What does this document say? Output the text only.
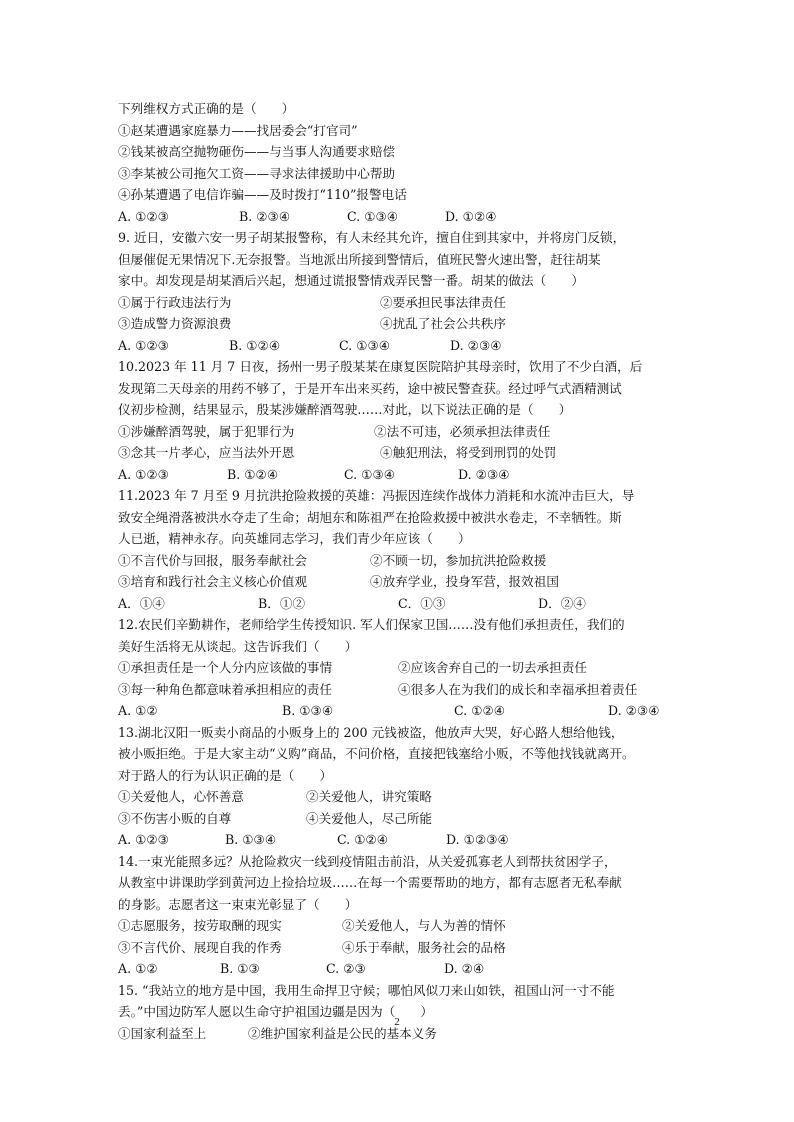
下列维权方式正确的是（　　）
①赵某遭遇家庭暴力——找居委会“打官司”
②钱某被高空抛物砸伤——与当事人沟通要求赔偿
③李某被公司拖欠工资——寻求法律援助中心帮助
④孙某遭遇了电信诈骗——及时拨打“110”报警电话
A. ①②③	B. ②③④	C. ①③④	D. ①②④
9. 近日，安徽六安一男子胡某报警称，有人未经其允许，擅自住到其家中，并将房门反锁，
但屡催促无果情况下.无奈报警。当地派出所接到警情后，值班民警火速出警，赶往胡某
家中。却发现是胡某酒后兴起，想通过谎报警情戏弄民警一番。胡某的做法（　　）
①属于行政违法行为	②要承担民事法律责任
③造成警力资源浪费	④扰乱了社会公共秩序
A. ①②③	B. ①②④	C. ①③④	D. ②③④
10.2023 年 11 月 7 日夜，扬州一男子殷某某在康复医院陪护其母亲时，饮用了不少白酒，后
发现第二天母亲的用药不够了，于是开车出来买药，途中被民警查获。经过呼气式酒精测试
仪初步检测，结果显示，殷某涉嫌醉酒驾驶……对此，以下说法正确的是（　　）
①涉嫌醉酒驾驶，属于犯罪行为	②法不可违，必须承担法律责任
③念其一片孝心，应当法外开恩	④触犯刑法，将受到刑罚的处罚
A. ①②③	B. ①②④	C. ①③④	D. ②③④
11.2023 年 7 月至 9 月抗洪抢险救援的英雄：冯振因连续作战体力消耗和水流冲击巨大，导
致安全绳滑落被洪水夺走了生命；胡旭东和陈祖严在抢险救援中被洪水卷走，不幸牺牲。斯
人已逝，精神永存。向英雄同志学习，我们青少年应该（　　）
①不言代价与回报，服务奉献社会	②不顾一切，参加抗洪抢险救援
③培育和践行社会主义核心价值观	④放弃学业，投身军营，报效祖国
A．①④	B．①②	C．①③	D．②④
12.农民们辛勤耕作，老师给学生传授知识. 军人们保家卫国……没有他们承担责任，我们的
美好生活将无从谈起。这告诉我们（　　）
①承担责任是一个人分内应该做的事情	②应该舍弃自己的一切去承担责任
③每一种角色都意味着承担相应的责任	④很多人在为我们的成长和幸福承担着责任
A. ①②	B. ①③④	C. ①②④	D. ②③④
13.湖北汉阳一贩卖小商品的小贩身上的 200 元钱被盗，他放声大哭，好心路人想给他钱，
被小贩拒绝。于是大家主动“义购”商品，不问价格，直接把钱塞给小贩，不等他找钱就离开。
对于路人的行为认识正确的是（　　）
①关爱他人，心怀善意	②关爱他人，讲究策略
③不伤害小贩的自尊	④关爱他人，尽己所能
A. ①②③	B. ①③④	C. ①②④	D. ①②③④
14.一束光能照多远？从抢险救灾一线到疫情阻击前沿，从关爱孤寡老人到帮扶贫困学子，
从教室中讲课助学到黄河边上捡拾垃圾……在每一个需要帮助的地方，都有志愿者无私奉献
的身影。志愿者这一束束光彰显了（　　）
①志愿服务，按劳取酬的现实	②关爱他人，与人为善的情怀
③不言代价、展现自我的作秀	④乐于奉献，服务社会的品格
A. ①②	B. ①③	C. ②③	D. ②④
15. “我站立的地方是中国，我用生命捍卫守候；哪怕风似刀来山如铁，祖国山河一寸不能
丢。”中国边防军人愿以生命守护祖国边疆是因为（　　）
①国家利益至上	②维护国家利益是公民的基本义务
2
